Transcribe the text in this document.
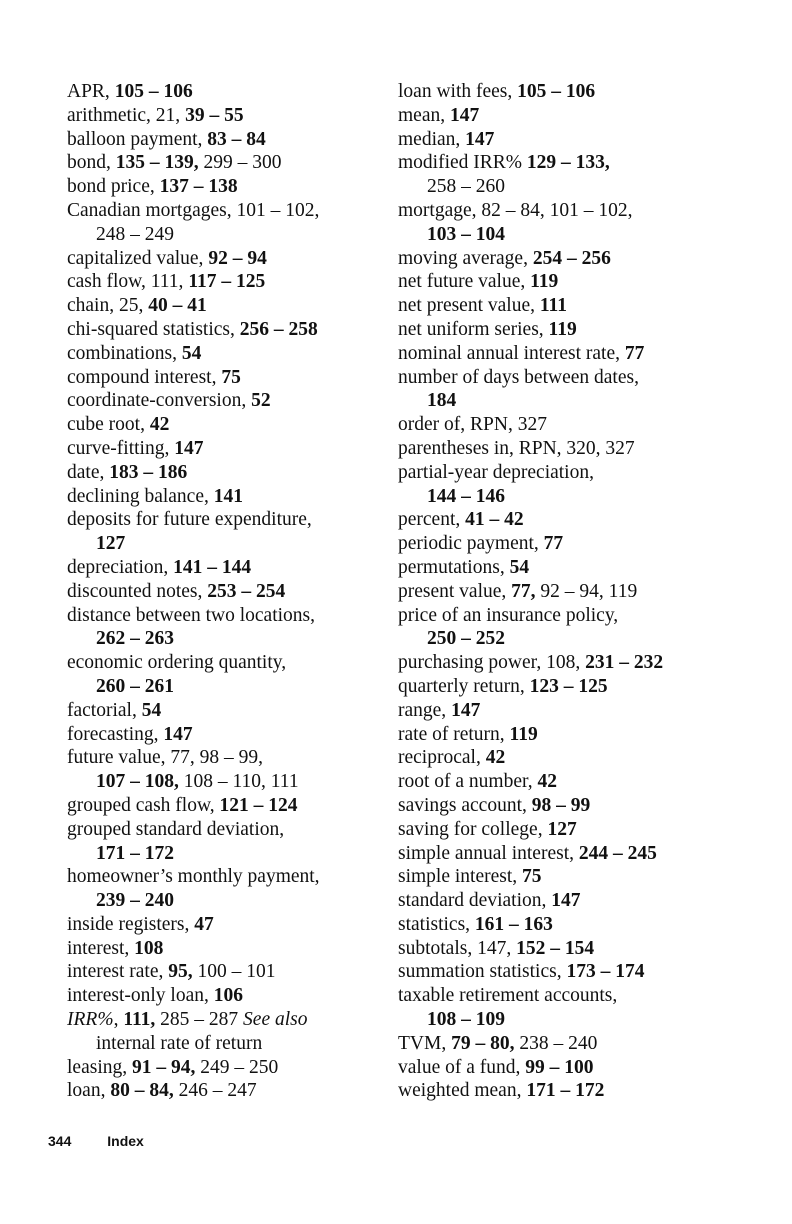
APR, 105 – 106
arithmetic, 21, 39 – 55
balloon payment, 83 – 84
bond, 135 – 139, 299 – 300
bond price, 137 – 138
Canadian mortgages, 101 – 102,
248 – 249
capitalized value, 92 – 94
cash flow, 111, 117 – 125
chain, 25, 40 – 41
chi-squared statistics, 256 – 258
combinations, 54
compound interest, 75
coordinate-conversion, 52
cube root, 42
curve-fitting, 147
date, 183 – 186
declining balance, 141
deposits for future expenditure,
127
depreciation, 141 – 144
discounted notes, 253 – 254
distance between two locations,
262 – 263
economic ordering quantity,
260 – 261
factorial, 54
forecasting, 147
future value, 77, 98 – 99,
107 – 108, 108 – 110, 111
grouped cash flow, 121 – 124
grouped standard deviation,
171 – 172
homeowner’s monthly payment,
239 – 240
inside registers, 47
interest, 108
interest rate, 95, 100 – 101
interest-only loan, 106
IRR%, 111, 285 – 287 See also
internal rate of return
leasing, 91 – 94, 249 – 250
loan, 80 – 84, 246 – 247
loan with fees, 105 – 106
mean, 147
median, 147
modified IRR% 129 – 133,
258 – 260
mortgage, 82 – 84, 101 – 102,
103 – 104
moving average, 254 – 256
net future value, 119
net present value, 111
net uniform series, 119
nominal annual interest rate, 77
number of days between dates,
184
order of, RPN, 327
parentheses in, RPN, 320, 327
partial-year depreciation,
144 – 146
percent, 41 – 42
periodic payment, 77
permutations, 54
present value, 77, 92 – 94, 119
price of an insurance policy,
250 – 252
purchasing power, 108, 231 – 232
quarterly return, 123 – 125
range, 147
rate of return, 119
reciprocal, 42
root of a number, 42
savings account, 98 – 99
saving for college, 127
simple annual interest, 244 – 245
simple interest, 75
standard deviation, 147
statistics, 161 – 163
subtotals, 147, 152 – 154
summation statistics, 173 – 174
taxable retirement accounts,
108 – 109
TVM, 79 – 80, 238 – 240
value of a fund, 99 – 100
weighted mean, 171 – 172
344	Index
